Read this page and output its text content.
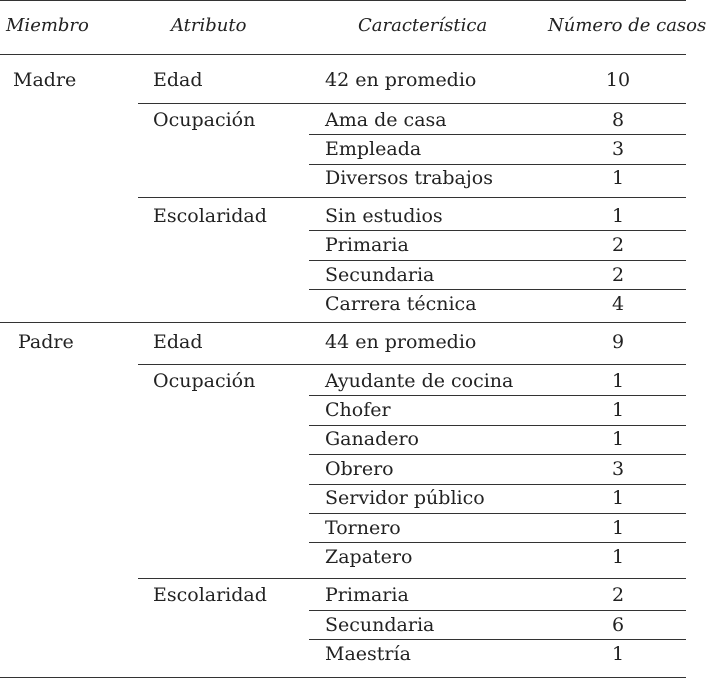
Miembro	Atributo	Característica	Número de casos
Madre	Edad	42 en promedio	10
Ocupación	Ama de casa	8
Empleada	3
Diversos trabajos	1
Escolaridad	Sin estudios	1
Primaria	2
Secundaria	2
Carrera técnica	4
Padre	Edad	44 en promedio	9
Ocupación	Ayudante de cocina	1
Chofer	1
Ganadero	1
Obrero	3
Servidor público	1
Tornero	1
Zapatero	1
Escolaridad	Primaria	2
Secundaria	6
Maestría	1
